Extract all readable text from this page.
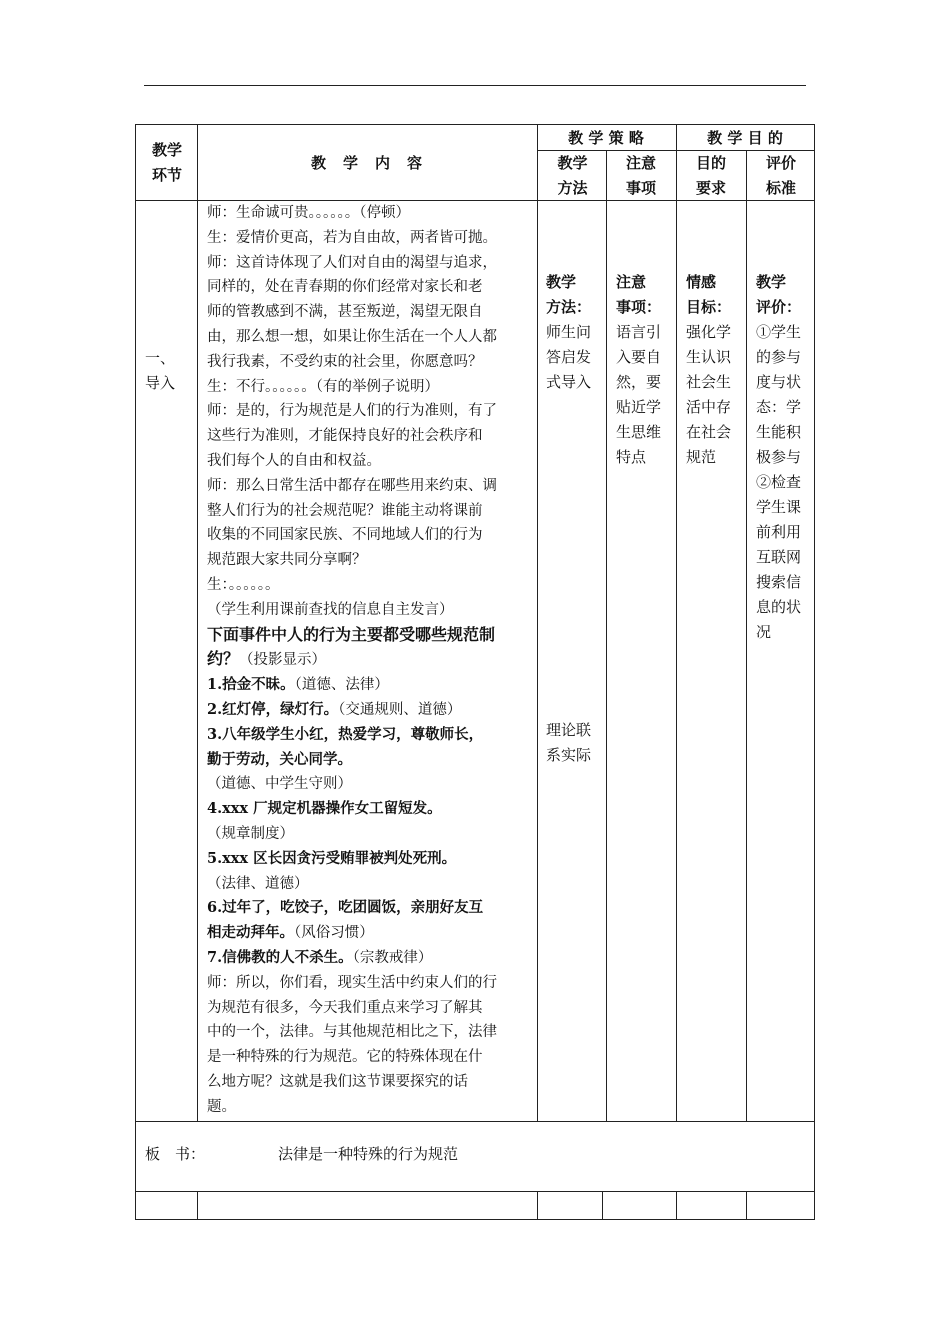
教学
环节
教　学　内　容
教 学 策 略	教 学 目 的
教学
方法
注意
事项
目的
要求
评价
标准
一、
导入
师：生命诚可贵。。。。。。（停顿）
生：爱情价更高，若为自由故，两者皆可抛。
师：这首诗体现了人们对自由的渴望与追求，
同样的，处在青春期的你们经常对家长和老
师的管教感到不满，甚至叛逆，渴望无限自
由，那么想一想，如果让你生活在一个人人都
我行我素，不受约束的社会里，你愿意吗？
生：不行。。。。。。（有的举例子说明）
师：是的，行为规范是人们的行为准则，有了
这些行为准则，才能保持良好的社会秩序和
我们每个人的自由和权益。
师：那么日常生活中都存在哪些用来约束、调
整人们行为的社会规范呢？谁能主动将课前
收集的不同国家民族、不同地域人们的行为
规范跟大家共同分享啊？
生：。。。。。。
（学生利用课前查找的信息自主发言）
下面事件中人的行为主要都受哪些规范制
约？（投影显示）
1.拾金不昧。（道德、法律）
2.红灯停，绿灯行。（交通规则、道德）
3.八年级学生小红，热爱学习，尊敬师长，
勤于劳动，关心同学。
（道德、中学生守则）
4.xxx 厂规定机器操作女工留短发。
（规章制度）
5.xxx 区长因贪污受贿罪被判处死刑。
（法律、道德）
6.过年了，吃饺子，吃团圆饭，亲朋好友互
相走动拜年。（风俗习惯）
7.信佛教的人不杀生。（宗教戒律）
师：所以，你们看，现实生活中约束人们的行
为规范有很多，今天我们重点来学习了解其
中的一个，法律。与其他规范相比之下，法律
是一种特殊的行为规范。它的特殊体现在什
么地方呢？这就是我们这节课要探究的话
题。
教学
方法：
师生问
答启发
式导入
理论联
系实际
注意
事项：
语言引
入要自
然，要
贴近学
生思维
特点
情感
目标：
强化学
生认识
社会生
活中存
在社会
规范
教学
评价：
①学生
的参与
度与状
态：学
生能积
极参与
②检查
学生课
前利用
互联网
搜索信
息的状
况
板　书：	法律是一种特殊的行为规范
